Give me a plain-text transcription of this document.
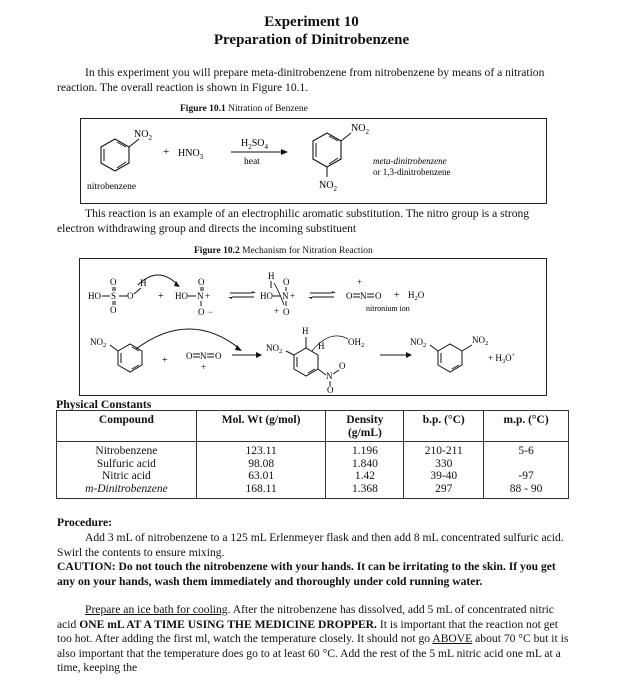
Experiment 10
Preparation of Dinitrobenzene
In this experiment you will prepare meta-dinitrobenzene from nitrobenzene by means of a nitration reaction. The overall reaction is shown in Figure 10.1.
Figure 10.1 Nitration of Benzene
$NO_2$
nitrobenzene
+ $HNO_3$
$H_2SO_4$
heat
$NO_2$
$NO_2$
meta-dinitrobenzene
or 1,3-dinitrobenzene
This reaction is an example of an electrophilic aromatic substitution. The nitro group is a strong electron withdrawing group and directs the incoming substituent
Figure 10.2 Mechanism for Nitration Reaction
HO S
O
O
O
H
+ HO N +
O
O −
H
HO N +
O
O
+
+
O N O
nitronium ion
+ $H_2O$
$NO_2$
+ O N
+
O
$NO_2$
H
H
N
O
O
$OH_2$	$NO_2$
$NO_2$
+ $H_3O^+$
Physical Constants
Compound	Mol. Wt (g/mol)	Density (g/mL)	b.p. (°C)	m.p. (°C)
Nitrobenzene	123.11	1.196	210-211	5-6
Sulfuric acid	98.08	1.840	330	
Nitric acid	63.01	1.42	39-40	-97
m-Dinitrobenzene	168.11	1.368	297	88 - 90
Procedure:
Add 3 mL of nitrobenzene to a 125 mL Erlenmeyer flask and then add 8 mL concentrated sulfuric acid. Swirl the contents to ensure mixing.
CAUTION: Do not touch the nitrobenzene with your hands. It can be irritating to the skin. If you get any on your hands, wash them immediately and thoroughly under cold running water.
Prepare an ice bath for cooling. After the nitrobenzene has dissolved, add 5 mL of concentrated nitric acid ONE mL AT A TIME USING THE MEDICINE DROPPER. It is important that the reaction not get too hot. After adding the first ml, watch the temperature closely. It should not go ABOVE about 70 °C but it is also important that the temperature does go to at least 60 °C. Add the rest of the 5 mL nitric acid one mL at a time, keeping the
